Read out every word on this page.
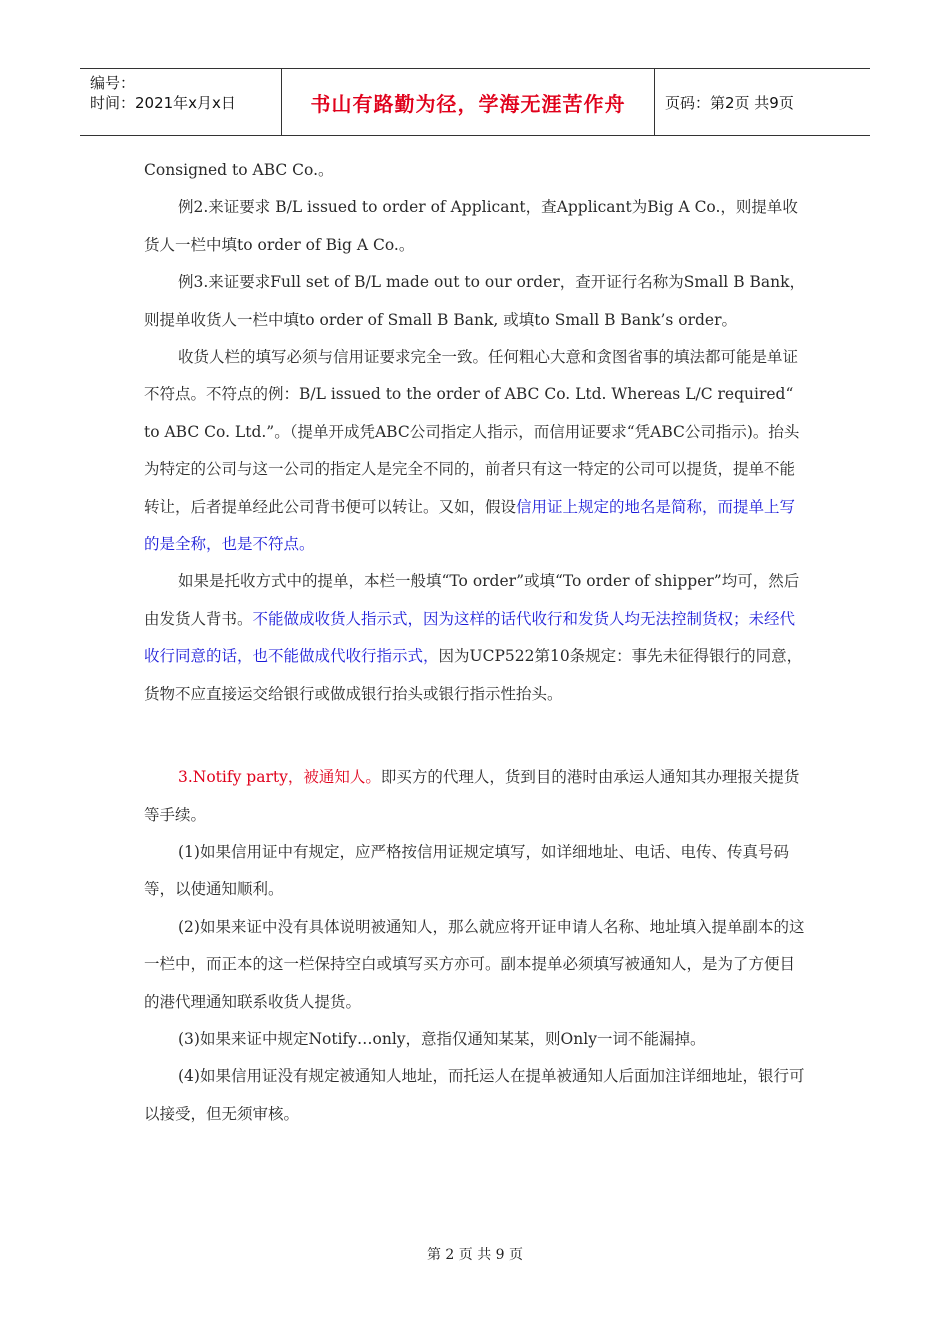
编号：
时间：2021年x月x日	书山有路勤为径，学海无涯苦作舟	页码：第2页 共9页

Consigned to ABC Co.。

例2.来证要求 B/L issued to order of Applicant，查Applicant为Big A Co.，则提单收货人一栏中填to order of Big A Co.。

例3.来证要求Full set of B/L made out to our order，查开证行名称为Small B Bank，则提单收货人一栏中填to order of Small B Bank, 或填to Small B Bank’s order。

收货人栏的填写必须与信用证要求完全一致。任何粗心大意和贪图省事的填法都可能是单证不符点。不符点的例：B/L issued to the order of ABC Co. Ltd. Whereas L/C required“ to ABC Co. Ltd.”。（提单开成凭ABC公司指定人指示，而信用证要求“凭ABC公司指示)。抬头为特定的公司与这一公司的指定人是完全不同的，前者只有这一特定的公司可以提货，提单不能转让，后者提单经此公司背书便可以转让。又如，假设信用证上规定的地名是简称，而提单上写的是全称，也是不符点。

如果是托收方式中的提单，本栏一般填“To order”或填“To order of shipper”均可，然后由发货人背书。不能做成收货人指示式，因为这样的话代收行和发货人均无法控制货权；未经代收行同意的话，也不能做成代收行指示式，因为UCP522第10条规定：事先未征得银行的同意，货物不应直接运交给银行或做成银行抬头或银行指示性抬头。

3.Notify party，被通知人。即买方的代理人，货到目的港时由承运人通知其办理报关提货等手续。

(1)如果信用证中有规定，应严格按信用证规定填写，如详细地址、电话、电传、传真号码等，以使通知顺利。

(2)如果来证中没有具体说明被通知人，那么就应将开证申请人名称、地址填入提单副本的这一栏中，而正本的这一栏保持空白或填写买方亦可。副本提单必须填写被通知人，是为了方便目的港代理通知联系收货人提货。

(3)如果来证中规定Notify…only，意指仅通知某某，则Only一词不能漏掉。

(4)如果信用证没有规定被通知人地址，而托运人在提单被通知人后面加注详细地址，银行可以接受，但无须审核。

第 2 页 共 9 页
